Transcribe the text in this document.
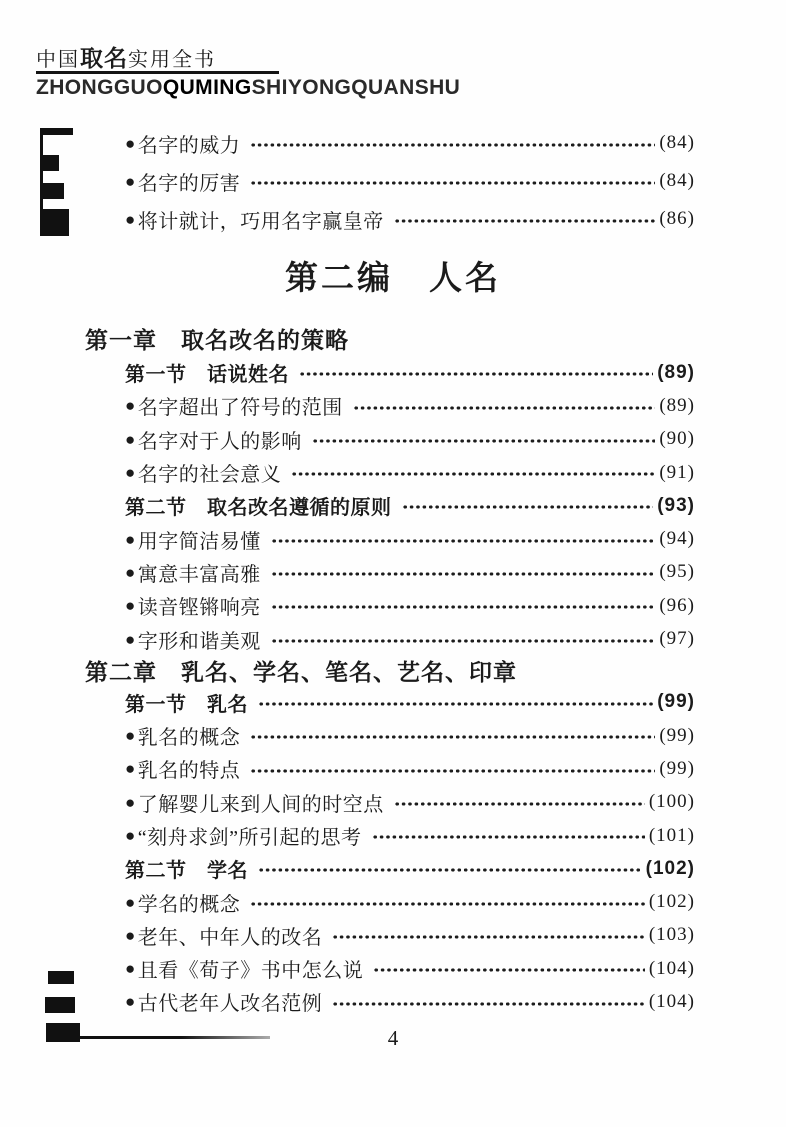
中国取名实用全书
ZHONGGUOQUMINGSHIYONGQUANSHU
● 名字的威力	(84)
● 名字的厉害	(84)
● 将计就计，巧用名字赢皇帝	(86)
第二编　人名
第一章　取名改名的策略
第一节　话说姓名	(89)
● 名字超出了符号的范围	(89)
● 名字对于人的影响	(90)
● 名字的社会意义	(91)
第二节　取名改名遵循的原则	(93)
● 用字简洁易懂	(94)
● 寓意丰富高雅	(95)
● 读音铿锵响亮	(96)
● 字形和谐美观	(97)
第二章　乳名、学名、笔名、艺名、印章
第一节　乳名	(99)
● 乳名的概念	(99)
● 乳名的特点	(99)
● 了解婴儿来到人间的时空点	(100)
● “刻舟求剑”所引起的思考	(101)
第二节　学名	(102)
● 学名的概念	(102)
● 老年、中年人的改名	(103)
● 且看《荀子》书中怎么说	(104)
● 古代老年人改名范例	(104)
4
